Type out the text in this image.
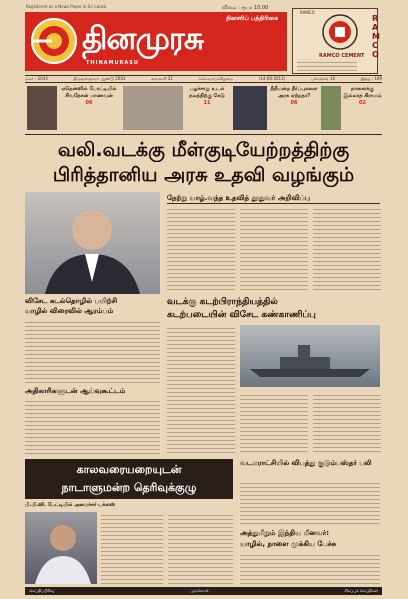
Registered as a News Paper in Sri Lanka	விலை : ரூபா 10.00
தினசரிப் பத்திரிகை
தினமுரசு
THINAMURASU
RAMCO CEMENT
RAMCO
RAMCO
மலர் - 2043	திருவள்ளுவர் ஆண்டு 2043	வைகாசி 31	செவ்வாய்க்கிழமை	(14-06-2011)	பக்கங்கள் 16	இதழ் : 109
ஏதென்ஸில் போட்டியில் சிவநேசன் மாணவன்
06
பழச்சாறு உடல் நலத்திற்கு கேடு
11
நீதிமன்ற தீர்ப்புகளை அரசு ஏற்றதா?
06
நாளைக்கு இல்லாத கிராமம்
02
வலி.வடக்கு மீள்குடியேற்றத்திற்கு
பிரித்தானிய அரசு உதவி வழங்கும்
நேற்று யாழ்.வந்த உதவித் தூதுவர் அறிவிப்பு
விசேட கடல்தொழில் பயிற்சி
யாழில் விரைவில் ஆரம்பம்
அதிகாரிகளுடன் ஆய்வுகூட்டம்
வடக்கு கடற்பிராந்தியத்தில்
கடற்படையின் விசேட கண்காணிப்பு
காலவரையறையுடன்
நாடாளுமன்ற தெரிவுக்குழு
பி.பி.ஸி. பேட்டியில் அமைச்சர் டக்ளஸ்
வடமராட்சியில் விபத்து குடும்பஸ்தர் பலி
அத்துமீறும் இந்திய மீனவர்:
யாழில், நாளை முக்கிய பேச்சு
செய்திப்பிரிவு	முரசொலி	சிறப்புச் செய்திகள்
